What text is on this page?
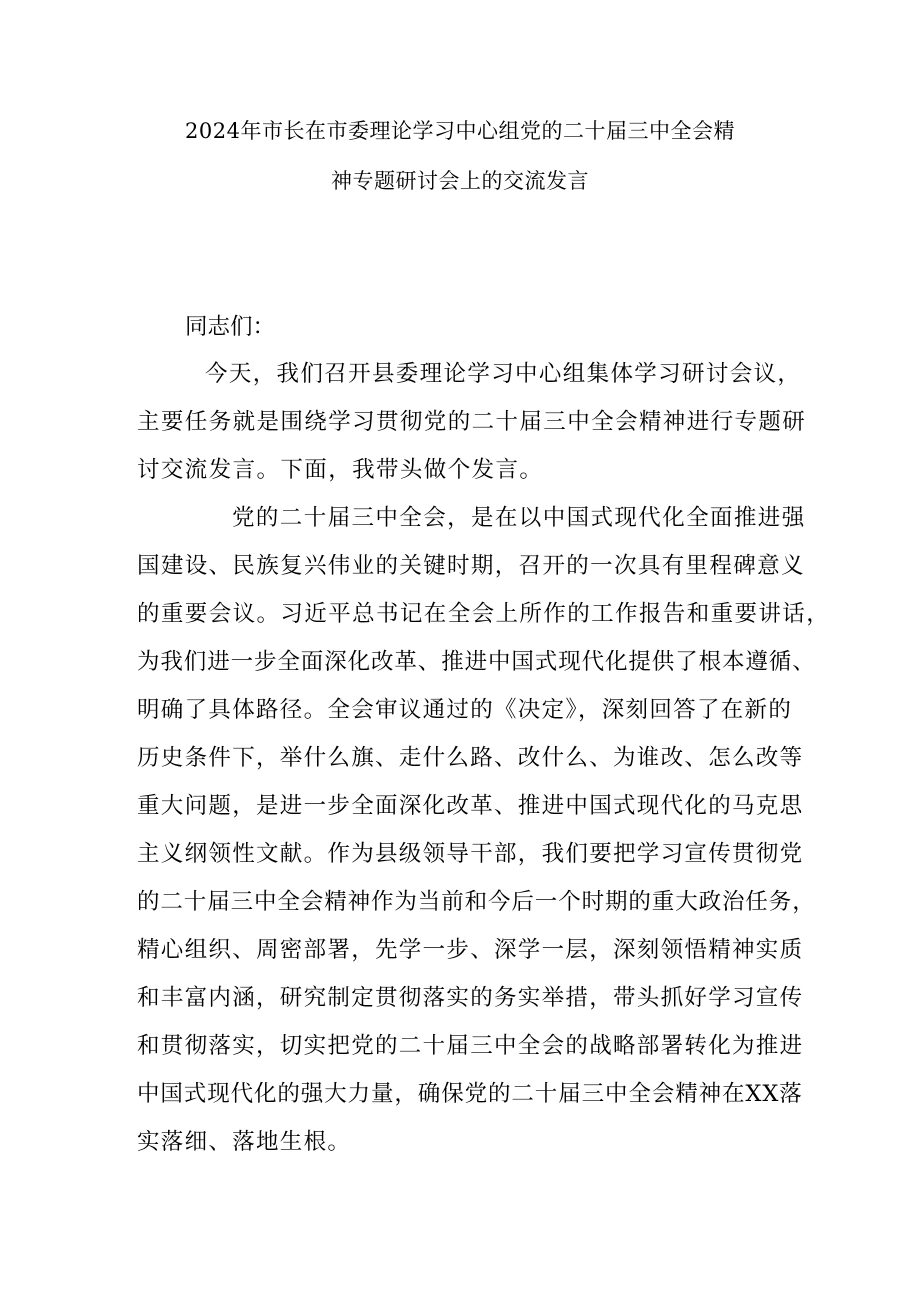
2024年市长在市委理论学习中心组党的二十届三中全会精
神专题研讨会上的交流发言
同志们：
今天，我们召开县委理论学习中心组集体学习研讨会议，
主要任务就是围绕学习贯彻党的二十届三中全会精神进行专题研
讨交流发言。下面，我带头做个发言。
党的二十届三中全会，是在以中国式现代化全面推进强
国建设、民族复兴伟业的关键时期，召开的一次具有里程碑意义
的重要会议。习近平总书记在全会上所作的工作报告和重要讲话，
为我们进一步全面深化改革、推进中国式现代化提供了根本遵循、
明确了具体路径。全会审议通过的《决定》，深刻回答了在新的
历史条件下，举什么旗、走什么路、改什么、为谁改、怎么改等
重大问题，是进一步全面深化改革、推进中国式现代化的马克思
主义纲领性文献。作为县级领导干部，我们要把学习宣传贯彻党
的二十届三中全会精神作为当前和今后一个时期的重大政治任务，
精心组织、周密部署，先学一步、深学一层，深刻领悟精神实质
和丰富内涵，研究制定贯彻落实的务实举措，带头抓好学习宣传
和贯彻落实，切实把党的二十届三中全会的战略部署转化为推进
中国式现代化的强大力量，确保党的二十届三中全会精神在XX落
实落细、落地生根。
